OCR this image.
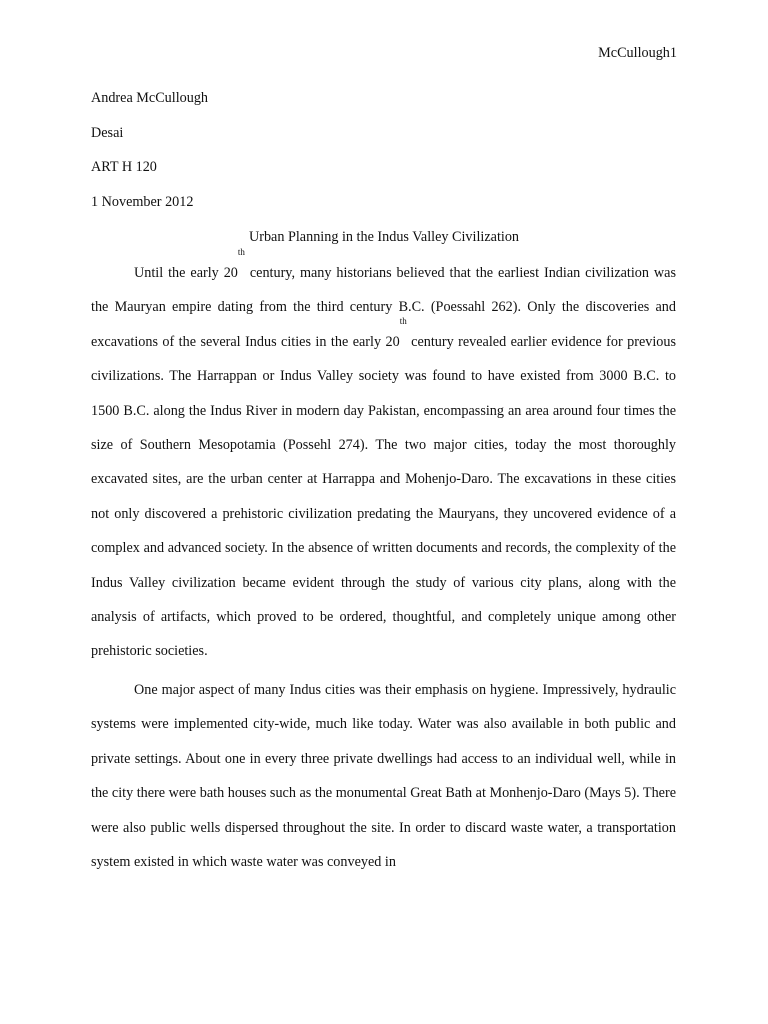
McCullough1
Andrea McCullough
Desai
ART H 120
1 November 2012
Urban Planning in the Indus Valley Civilization

Until the early 20th century, many historians believed that the earliest Indian civilization was the Mauryan empire dating from the third century B.C. (Poessahl 262). Only the discoveries and excavations of the several Indus cities in the early 20th century revealed earlier evidence for previous civilizations. The Harrappan or Indus Valley society was found to have existed from 3000 B.C. to 1500 B.C. along the Indus River in modern day Pakistan, encompassing an area around four times the size of Southern Mesopotamia (Possehl 274). The two major cities, today the most thoroughly excavated sites, are the urban center at Harrappa and Mohenjo-Daro. The excavations in these cities not only discovered a prehistoric civilization predating the Mauryans, they uncovered evidence of a complex and advanced society. In the absence of written documents and records, the complexity of the Indus Valley civilization became evident through the study of various city plans, along with the analysis of artifacts, which proved to be ordered, thoughtful, and completely unique among other prehistoric societies.

One major aspect of many Indus cities was their emphasis on hygiene. Impressively, hydraulic systems were implemented city-wide, much like today. Water was also available in both public and private settings. About one in every three private dwellings had access to an individual well, while in the city there were bath houses such as the monumental Great Bath at Monhenjo-Daro (Mays 5). There were also public wells dispersed throughout the site. In order to discard waste water, a transportation system existed in which waste water was conveyed in
